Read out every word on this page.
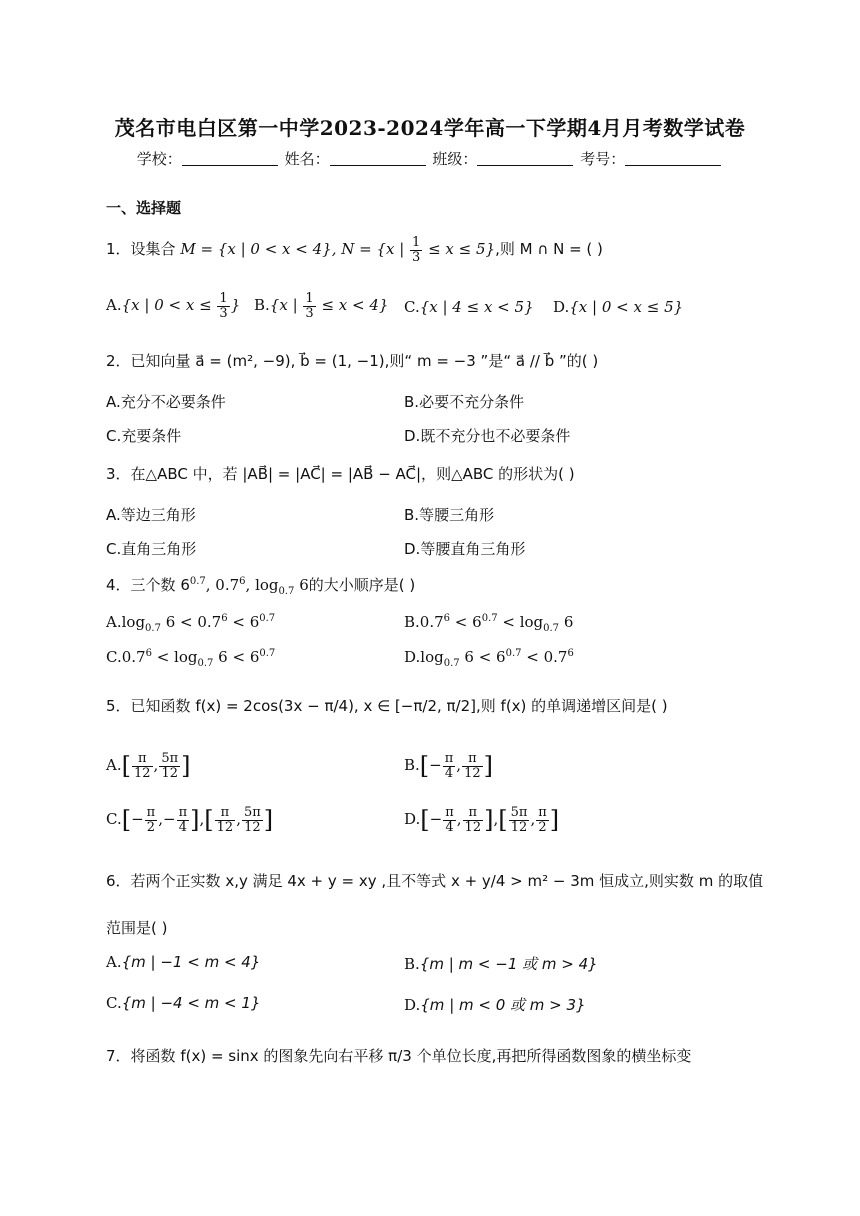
茂名市电白区第一中学2023-2024学年高一下学期4月月考数学试卷
学校：	姓名：	班级：	考号：
一、选择题
1．设集合 M = {x | 0 < x < 4}, N = {x | $\frac{1}{3} \le x \le 5$},则 M ∩ N = ( )
A.{x | $0 < x \le \frac{1}{3}$ } B.{x | $\frac{1}{3} \le x < 4$} C.{x | 4 ≤ x < 5} D.{x | 0 < x ≤ 5}
2．已知向量 a⃗ = (m², −9), b⃗ = (1, −1),则“ m = −3 ”是“ a⃗ // b⃗ ”的( )
A.充分不必要条件	B.必要不充分条件
C.充要条件	D.既不充分也不必要条件
3．在△ABC 中，若 |AB⃗| = |AC⃗| = |AB⃗ − AC⃗|，则△ABC 的形状为( )
A.等边三角形	B.等腰三角形
C.直角三角形	D.等腰直角三角形
4．三个数 $6^{0.7}$, $0.7^6$, $\log_{0.7} 6$的大小顺序是( )
$A.\log_{0.7}$ $6 < 0.7^6 < 6^{0.7}$	$B.0.7^6 < 6^{0.7} < \log_{0.7} 6$
$C.0.7^6 < \log_{0.7} 6 < 6^{0.7}$	$D.\log_{0.7}$ $6 < 6^{0.7} < 0.7^6$
5．已知函数 f(x) = 2cos(3x − π/4), x ∈ [−π/2, π/2],则 f(x) 的单调递增区间是( )
$A.[ \frac{\pi}{12}$ , $\frac{5\pi}{12}$ ]	$B.[- \frac{\pi}{4}$ , $\frac{\pi}{12}$ ]
$C.[- \frac{\pi}{2}$ ,− $\frac{\pi}{4}$ ],[ $\frac{\pi}{12}$ , $\frac{5\pi}{12}$ ]	$D.[- \frac{\pi}{4}$ , $\frac{\pi}{12}$ ],[ $\frac{5\pi}{12}$ , $\frac{\pi}{2}$ ]
6．若两个正实数 x,y 满足 4x + y = xy ,且不等式 x + y/4 > m² − 3m 恒成立,则实数 m 的取值
范围是( )
A.{m | −1 < m < 4}	B.{m | m < −1 或 m > 4}
C.{m | −4 < m < 1}	D.{m | m < 0 或 m > 3}
7．将函数 f(x) = sinx 的图象先向右平移 π/3 个单位长度,再把所得函数图象的横坐标变
